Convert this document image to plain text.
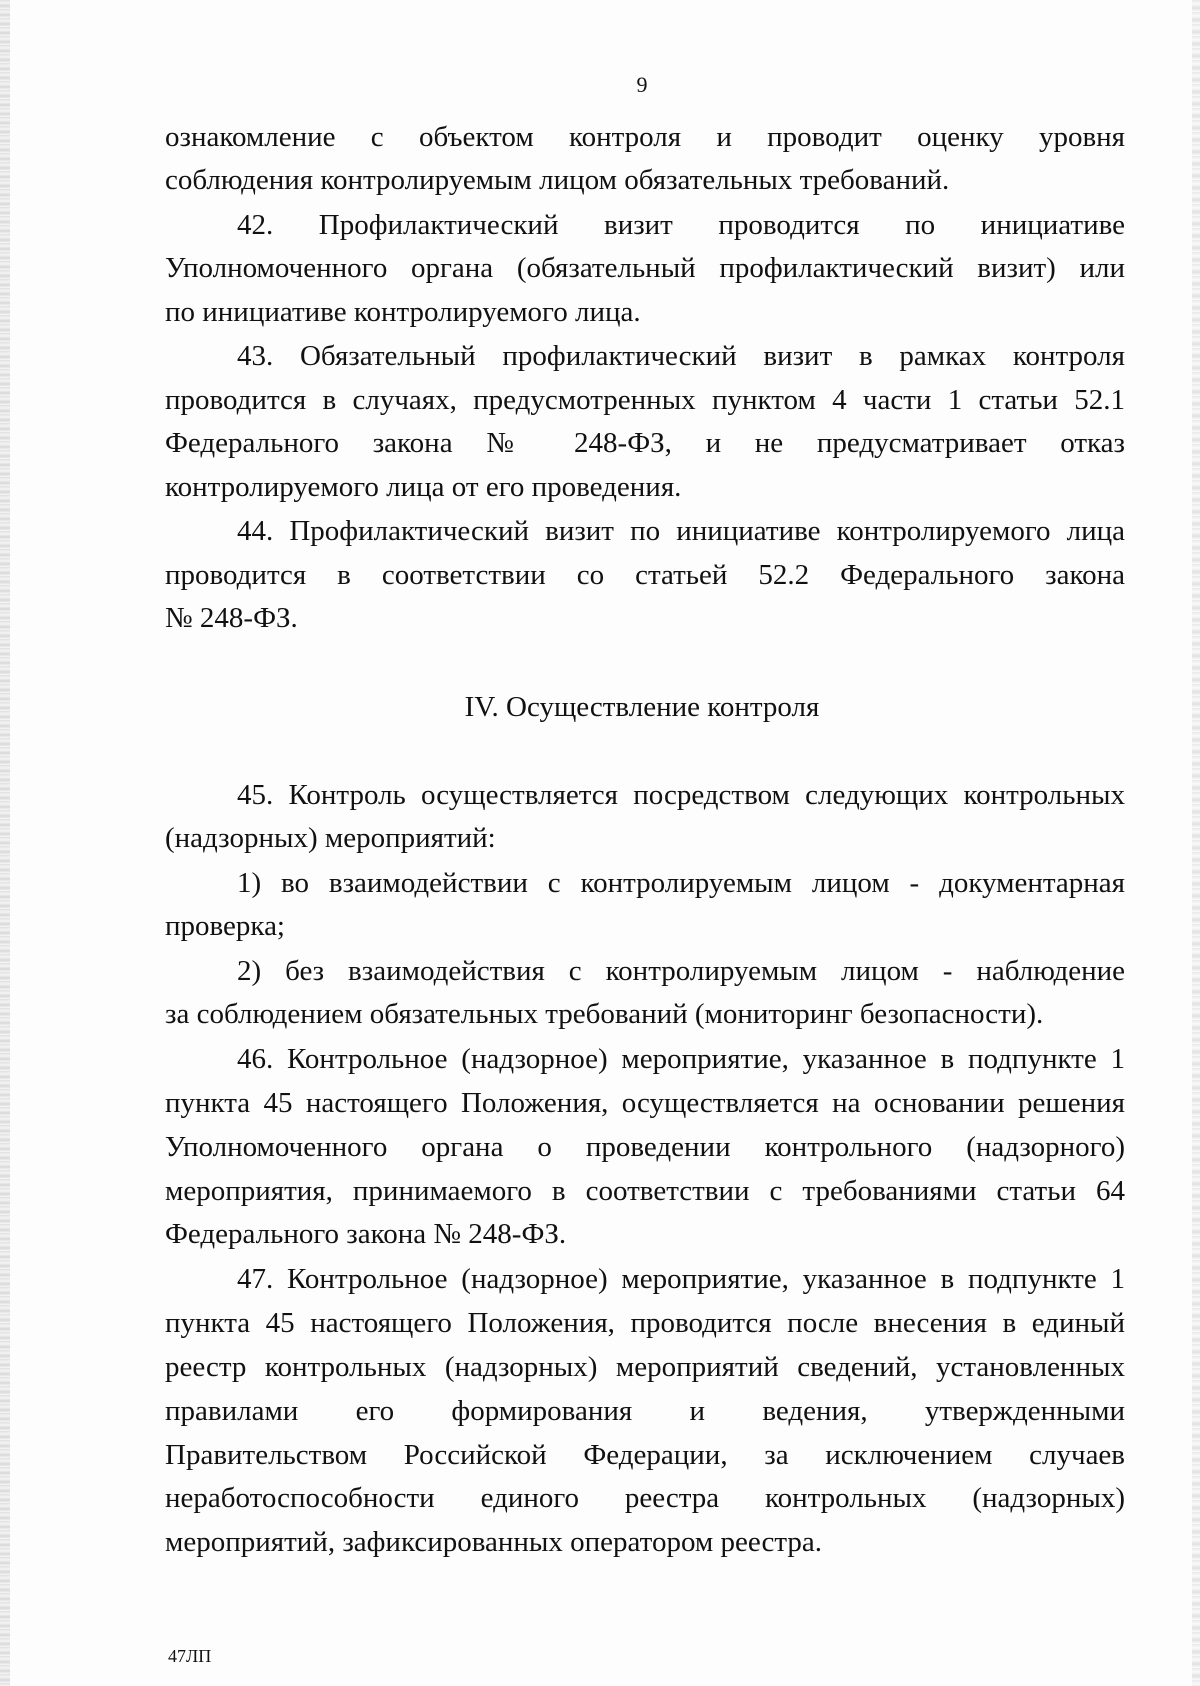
9
ознакомление с объектом контроля и проводит оценку уровня
соблюдения контролируемым лицом обязательных требований.
42. Профилактический визит проводится по инициативе
Уполномоченного органа (обязательный профилактический визит) или
по инициативе контролируемого лица.
43. Обязательный профилактический визит в рамках контроля
проводится в случаях, предусмотренных пунктом 4 части 1 статьи 52.1
Федерального закона № 248-ФЗ, и не предусматривает отказ
контролируемого лица от его проведения.
44. Профилактический визит по инициативе контролируемого лица
проводится в соответствии со статьей 52.2 Федерального закона
№ 248-ФЗ.
IV. Осуществление контроля
45. Контроль осуществляется посредством следующих контрольных
(надзорных) мероприятий:
1) во взаимодействии с контролируемым лицом - документарная
проверка;
2) без взаимодействия с контролируемым лицом - наблюдение
за соблюдением обязательных требований (мониторинг безопасности).
46. Контрольное (надзорное) мероприятие, указанное в подпункте 1
пункта 45 настоящего Положения, осуществляется на основании решения
Уполномоченного органа о проведении контрольного (надзорного)
мероприятия, принимаемого в соответствии с требованиями статьи 64
Федерального закона № 248-ФЗ.
47. Контрольное (надзорное) мероприятие, указанное в подпункте 1
пункта 45 настоящего Положения, проводится после внесения в единый
реестр контрольных (надзорных) мероприятий сведений, установленных
правилами его формирования и ведения, утвержденными
Правительством Российской Федерации, за исключением случаев
неработоспособности единого реестра контрольных (надзорных)
мероприятий, зафиксированных оператором реестра.
47ЛП
